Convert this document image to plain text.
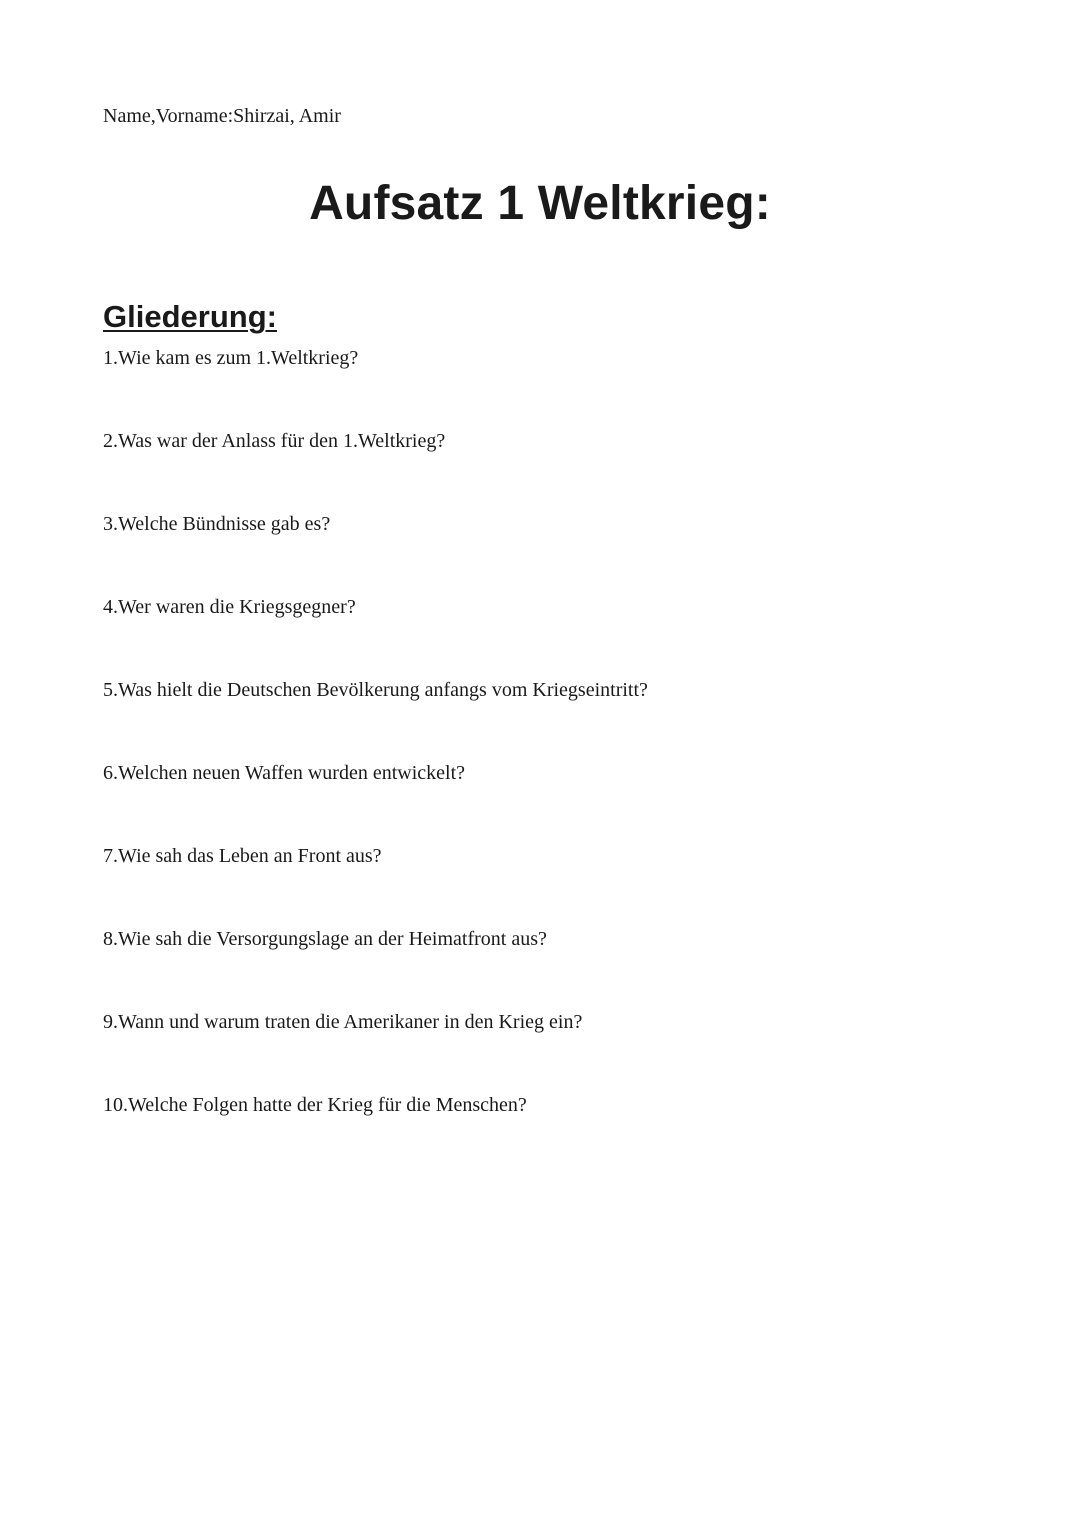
Name,Vorname:Shirzai, Amir
Aufsatz 1 Weltkrieg:
Gliederung:
1.Wie kam es zum 1.Weltkrieg?
2.Was war der Anlass für den 1.Weltkrieg?
3.Welche Bündnisse gab es?
4.Wer waren die Kriegsgegner?
5.Was hielt die Deutschen Bevölkerung anfangs vom Kriegseintritt?
6.Welchen neuen Waffen wurden entwickelt?
7.Wie sah das Leben an Front aus?
8.Wie sah die Versorgungslage an der Heimatfront aus?
9.Wann und warum traten die Amerikaner in den Krieg ein?
10.Welche Folgen hatte der Krieg für die Menschen?
